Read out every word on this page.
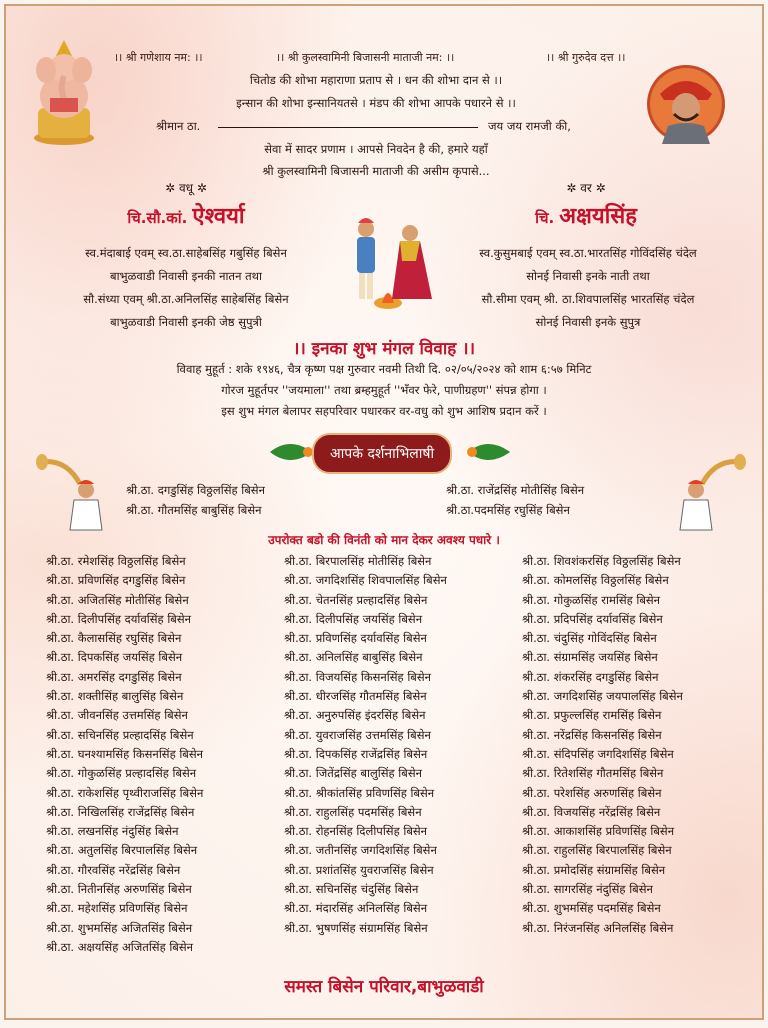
।। श्री गणेशाय नम: ।।	।। श्री कुलस्वामिनी बिजासनी माताजी नम: ।।	।। श्री गुरुदेव दत्त ।।
चितोड की शोभा महाराणा प्रताप से । धन की शोभा दान से ।।
इन्सान की शोभा इन्सानियतसे । मंडप की शोभा आपके पधारने से ।।
श्रीमान ठा.	जय जय रामजी की,
सेवा में सादर प्रणाम । आपसे निवदेन है की, हमारे यहाँ
श्री कुलस्वामिनी बिजासनी माताजी की असीम कृपासे...
✲ वधू ✲
चि.सौ.कां. ऐश्वर्या
स्व.मंदाबाई एवम् स्व.ठा.साहेबसिंह गबुसिंह बिसेन
बाभुळवाडी निवासी इनकी नातन तथा
सौ.संध्या एवम् श्री.ठा.अनिलसिंह साहेबसिंह बिसेन
बाभुळवाडी निवासी इनकी जेष्ठ सुपुत्री
✲ वर ✲
चि. अक्षयसिंह
स्व.कुसुमबाई एवम् स्व.ठा.भारतसिंह गोविंदसिंह चंदेल
सोनई निवासी इनके नाती तथा
सौ.सीमा एवम् श्री. ठा.शिवपालसिंह भारतसिंह चंदेल
सोनई निवासी इनके सुपुत्र
।। इनका शुभ मंगल विवाह ।।
विवाह मुहूर्त : शके १९४६, चैत्र कृष्ण पक्ष गुरुवार नवमी तिथी दि. ०२/०५/२०२४ को शाम ६:५७ मिनिट
गोरज मुहूर्तपर ''जयमाला'' तथा ब्रम्हमुहूर्त ''भँवर फेरे, पाणीग्रहण'' संपन्न होगा ।
इस शुभ मंगल बेलापर सहपरिवार पधारकर वर-वधु को शुभ आशिष प्रदान करें ।
आपके दर्शनाभिलाषी
श्री.ठा. दगडुसिंह विठ्ठलसिंह बिसेन	श्री.ठा. राजेंद्रसिंह मोतीसिंह बिसेन
श्री.ठा. गौतमसिंह बाबुसिंह बिसेन	श्री.ठा.पदमसिंह रघुसिंह बिसेन
उपरोक्त बडो की विनंती को मान देकर अवश्य पधारे ।
श्री.ठा. रमेशसिंह विठ्ठलसिंह बिसेन
श्री.ठा. प्रविणसिंह दगडुसिंह बिसेन
श्री.ठा. अजितसिंह मोतीसिंह बिसेन
श्री.ठा. दिलीपसिंह दर्यावसिंह बिसेन
श्री.ठा. कैलाससिंह रघुसिंह बिसेन
श्री.ठा. दिपकसिंह जयसिंह बिसेन
श्री.ठा. अमरसिंह दगडुसिंह बिसेन
श्री.ठा. शक्तीसिंह बालुसिंह बिसेन
श्री.ठा. जीवनसिंह उत्तमसिंह बिसेन
श्री.ठा. सचिनसिंह प्रल्हादसिंह बिसेन
श्री.ठा. घनश्यामसिंह किसनसिंह बिसेन
श्री.ठा. गोकुळसिंह प्रल्हादसिंह बिसेन
श्री.ठा. राकेशसिंह पृथ्वीराजसिंह बिसेन
श्री.ठा. निखिलसिंह राजेंद्रसिंह बिसेन
श्री.ठा. लखनसिंह नंदुसिंह बिसेन
श्री.ठा. अतुलसिंह बिरपालसिंह बिसेन
श्री.ठा. गौरवसिंह नरेंद्रसिंह बिसेन
श्री.ठा. नितीनसिंह अरुणसिंह बिसेन
श्री.ठा. महेशसिंह प्रविणसिंह बिसेन
श्री.ठा. शुभमसिंह अजितसिंह बिसेन
श्री.ठा. अक्षयसिंह अजितसिंह बिसेन
श्री.ठा. बिरपालसिंह मोतीसिंह बिसेन
श्री.ठा. जगदिशसिंह शिवपालसिंह बिसेन
श्री.ठा. चेतनसिंह प्रल्हादसिंह बिसेन
श्री.ठा. दिलीपसिंह जयसिंह बिसेन
श्री.ठा. प्रविणसिंह दर्यावसिंह बिसेन
श्री.ठा. अनिलसिंह बाबुसिंह बिसेन
श्री.ठा. विजयसिंह किसनसिंह बिसेन
श्री.ठा. धीरजसिंह गौतमसिंह बिसेन
श्री.ठा. अनुरुपसिंह इंदरसिंह बिसेन
श्री.ठा. युवराजसिंह उत्तमसिंह बिसेन
श्री.ठा. दिपकसिंह राजेंद्रसिंह बिसेन
श्री.ठा. जितेंद्रसिंह बालुसिंह बिसेन
श्री.ठा. श्रीकांतसिंह प्रविणसिंह बिसेन
श्री.ठा. राहुलसिंह पदमसिंह बिसेन
श्री.ठा. रोहनसिंह दिलीपसिंह बिसेन
श्री.ठा. जतीनसिंह जगदिशसिंह बिसेन
श्री.ठा. प्रशांतसिंह युवराजसिंह बिसेन
श्री.ठा. सचिनसिंह चंदुसिंह बिसेन
श्री.ठा. मंदारसिंह अनिलसिंह बिसेन
श्री.ठा. भुषणसिंह संग्रामसिंह बिसेन
श्री.ठा. शिवशंकरसिंह विठ्ठलसिंह बिसेन
श्री.ठा. कोमलसिंह विठ्ठलसिंह बिसेन
श्री.ठा. गोकुळसिंह रामसिंह बिसेन
श्री.ठा. प्रदिपसिंह दर्यावसिंह बिसेन
श्री.ठा. चंदुसिंह गोविंदसिंह बिसेन
श्री.ठा. संग्रामसिंह जयसिंह बिसेन
श्री.ठा. शंकरसिंह दगडुसिंह बिसेन
श्री.ठा. जगदिशसिंह जयपालसिंह बिसेन
श्री.ठा. प्रफुल्लसिंह रामसिंह बिसेन
श्री.ठा. नरेंद्रसिंह किसनसिंह बिसेन
श्री.ठा. संदिपसिंह जगदिशसिंह बिसेन
श्री.ठा. रितेशसिंह गौतमसिंह बिसेन
श्री.ठा. परेशसिंह अरुणसिंह बिसेन
श्री.ठा. विजयसिंह नरेंद्रसिंह बिसेन
श्री.ठा. आकाशसिंह प्रविणसिंह बिसेन
श्री.ठा. राहुलसिंह बिरपालसिंह बिसेन
श्री.ठा. प्रमोदसिंह संग्रामसिंह बिसेन
श्री.ठा. सागरसिंह नंदुसिंह बिसेन
श्री.ठा. शुभमसिंह पदमसिंह बिसेन
श्री.ठा. निरंजनसिंह अनिलसिंह बिसेन
समस्त बिसेन परिवार,बाभुळवाडी
